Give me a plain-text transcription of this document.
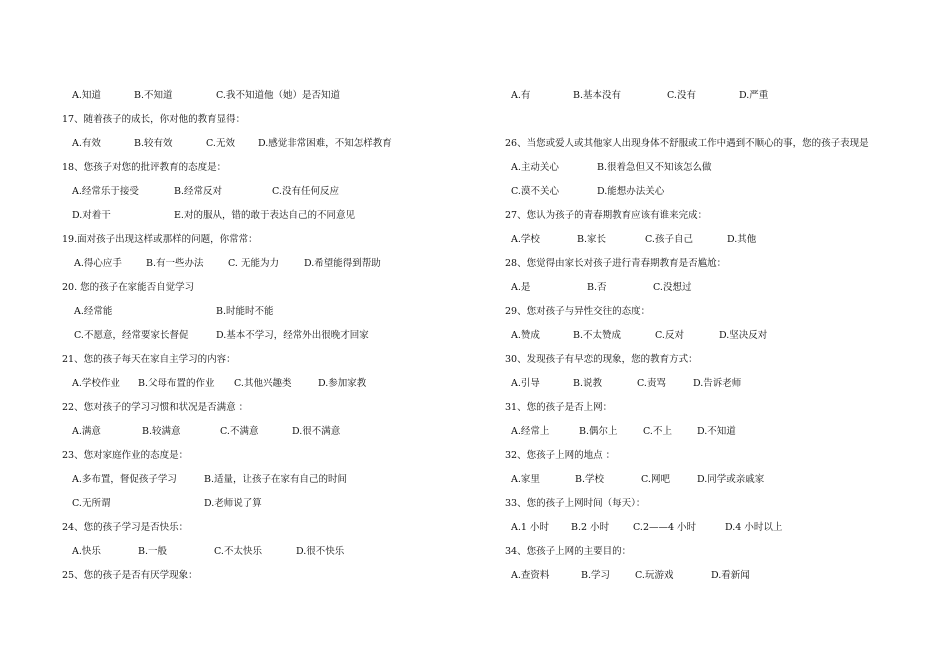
A.知道	B.不知道	C.我不知道他（她）是否知道
17、随着孩子的成长，你对他的教育显得：
A.有效	B.较有效	C.无效 D.感觉非常困难，不知怎样教育
18、您孩子对您的批评教育的态度是：
A.经常乐于接受	B.经常反对	C.没有任何反应
D.对着干	E.对的服从，错的敢于表达自己的不同意见
19.面对孩子出现这样或那样的问题，你常常：
A.得心应手	B.有一些办法	C. 无能为力	D.希望能得到帮助
20. 您的孩子在家能否自觉学习
A.经常能	B.时能时不能
C.不愿意，经常要家长督促	D.基本不学习，经常外出很晚才回家
21、您的孩子每天在家自主学习的内容：
A.学校作业 B.父母布置的作业 C.其他兴趣类	D.参加家教
22、您对孩子的学习习惯和状况是否满意 ：
A.满意	B.较满意	C.不满意	D.很不满意
23、您对家庭作业的态度是：
A.多布置，督促孩子学习	B.适量，让孩子在家有自己的时间
C.无所谓	D.老师说了算
24、您的孩子学习是否快乐：
A.快乐	B.一般	C.不太快乐	D.很不快乐
25、您的孩子是否有厌学现象：
A.有	B.基本没有	C.没有	D.严重
26、当您或爱人或其他家人出现身体不舒服或工作中遇到不顺心的事，您的孩子表现是
A.主动关心	B.很着急但又不知该怎么做
C.漠不关心	D.能想办法关心
27、您认为孩子的青春期教育应该有谁来完成：
A.学校	B.家长	C.孩子自己	D.其他
28、您觉得由家长对孩子进行青春期教育是否尴尬：
A.是	B.否	C.没想过
29、您对孩子与异性交往的态度：
A.赞成	B.不太赞成	C.反对	D.坚决反对
30、发现孩子有早恋的现象，您的教育方式：
A.引导	B.说教	C.责骂	D.告诉老师
31、您的孩子是否上网：
A.经常上	B.偶尔上	C.不上	D.不知道
32、您孩子上网的地点 ：
A.家里	B.学校	C.网吧	D.同学或亲戚家
33、您的孩子上网时间（每天）：
A.1 小时 B.2 小时	C.2——4 小时	D.4 小时以上
34、您孩子上网的主要目的：
A.查资料	B.学习	C.玩游戏	D.看新闻
